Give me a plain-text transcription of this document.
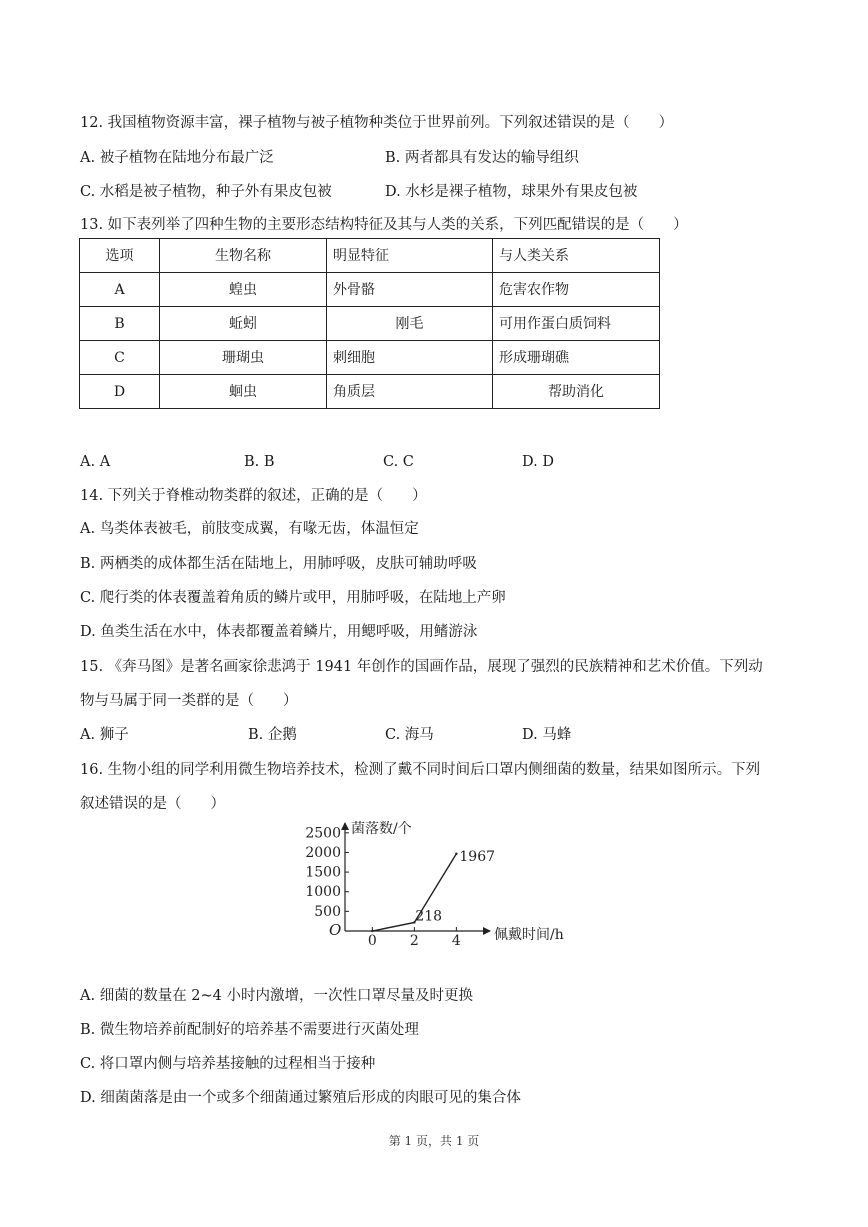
12. 我国植物资源丰富，裸子植物与被子植物种类位于世界前列。下列叙述错误的是（　　）
A. 被子植物在陆地分布最广泛	B. 两者都具有发达的输导组织
C. 水稻是被子植物，种子外有果皮包被	D. 水杉是裸子植物，球果外有果皮包被
13. 如下表列举了四种生物的主要形态结构特征及其与人类的关系，下列匹配错误的是（　　）
选项	生物名称	明显特征	与人类关系
A	蝗虫	外骨骼	危害农作物
B	蚯蚓	刚毛	可用作蛋白质饲料
C	珊瑚虫	刺细胞	形成珊瑚礁
D	蛔虫	角质层	帮助消化
A. A	B. B	C. C	D. D
14. 下列关于脊椎动物类群的叙述，正确的是（　　）
A. 鸟类体表被毛，前肢变成翼，有喙无齿，体温恒定
B. 两栖类的成体都生活在陆地上，用肺呼吸，皮肤可辅助呼吸
C. 爬行类的体表覆盖着角质的鳞片或甲，用肺呼吸，在陆地上产卵
D. 鱼类生活在水中，体表都覆盖着鳞片，用鳃呼吸，用鳍游泳
15. 《奔马图》是著名画家徐悲鸿于 1941 年创作的国画作品，展现了强烈的民族精神和艺术价值。下列动
物与马属于同一类群的是（　　）
A. 狮子	B. 企鹅	C. 海马	D. 马蜂
16. 生物小组的同学利用微生物培养技术，检测了戴不同时间后口罩内侧细菌的数量，结果如图所示。下列
叙述错误的是（　　）
菌落数/个
佩戴时间/h
O
500
1000
1500
2000
2500
0 2 4
218
1967
A. 细菌的数量在 2~4 小时内激增，一次性口罩尽量及时更换
B. 微生物培养前配制好的培养基不需要进行灭菌处理
C. 将口罩内侧与培养基接触的过程相当于接种
D. 细菌菌落是由一个或多个细菌通过繁殖后形成的肉眼可见的集合体
第 1 页，共 1 页
